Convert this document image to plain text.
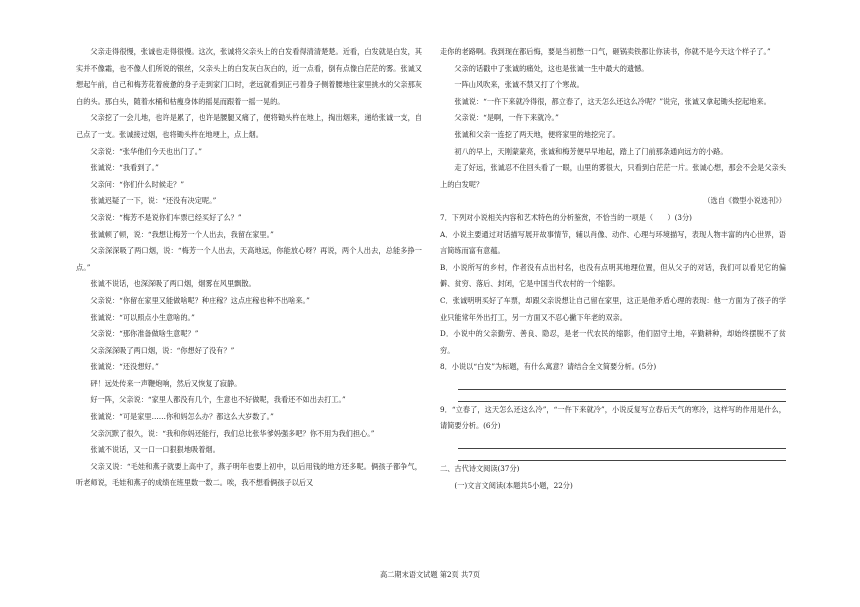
父亲走得很慢，张诚也走得很慢。这次，张诚将父亲头上的白发看得清清楚楚。近看，白发就是白发，其实并不像霜，也不像人们所说的银丝，父亲头上的白发灰白灰白的，近一点看，倒有点像白茫茫的雾。张诚又想起午前，自己和梅芳花着疲惫的身子走到家门口时，老远就看到正弓着身子侧着腰地往家里挑水的父亲那灰白的头。那白头，随着水桶和枯瘦身体的摇晃而跟着一摇一晃的。

父亲挖了一会儿地，也许是累了，也许是腰腿又痛了，便将锄头杵在地上，掏出烟来，递给张诚一支，自己点了一支。张诚接过烟，也将锄头杵在地埂上，点上烟。

父亲说：“张华他们今天也出门了。”

张诚说：“我看到了。”

父亲问：“你们什么时候走？”

张诚迟疑了一下，说：“还没有决定呢。”

父亲说：“梅芳不是说你们车票已经买好了么？”

张诚顿了顿，说：“我想让梅芳一个人出去，我留在家里。”

父亲深深吸了两口烟，说：“梅芳一个人出去，天高地远，你能放心呀？再说，两个人出去，总能多挣一点。”

张诚不说话，也深深吸了两口烟，烟雾在风里飘散。

父亲说：“你留在家里又能做啥呢？种庄稼？这点庄稼也种不出啥来。”

张诚说：“可以照点小生意啥的。”

父亲说：“那你准备做啥生意呢？”

父亲深深吸了两口烟，说：“你想好了没有？”

张诚说：“还没想好。”

砰！远处传来一声鞭炮响，然后又恢复了寂静。

好一阵，父亲说：“家里人都没有几个，生意也不好做呢，我看还不如出去打工。”

张诚说：“可是家里……你和妈怎么办？都这么大岁数了。”

父亲沉默了很久，说：“我和你妈还能行，我们总比张华爹妈强多吧？你不用为我们担心。”

张诚不说话，又一口一口狠狠地吸着烟。

父亲又说：“毛娃和燕子就要上高中了，燕子明年也要上初中，以后用钱的地方还多呢。俩孩子都争气，听老师说，毛娃和燕子的成绩在班里数一数二。唉，我不想看俩孩子以后又

走你的老路啊。我到现在都后悔，要是当初憋一口气，砸锅卖铁都让你读书，你就不是今天这个样子了。”

父亲的话戳中了张诚的痛处，这也是张诚一生中最大的遗憾。

一阵山风吹来，张诚不禁又打了个寒战。

张诚说：“一仵下来就冷得很，都立春了，这天怎么还这么冷呢？”说完，张诚又拿起锄头挖起地来。

父亲说：“是啊，一仵下来就冷。”

张诚和父亲一连挖了两天地，便将家里的地挖完了。

初八的早上，天刚蒙蒙亮，张诚和梅芳便早早地起，踏上了门前那条通向远方的小路。

走了好远，张诚忍不住回头看了一眼，山里的雾很大，只看到白茫茫一片。张诚心想，那会不会是父亲头上的白发呢？

（选自《微型小说选刊》）

7．下列对小说相关内容和艺术特色的分析鉴赏，不恰当的一项是（　　）(3分)

A．小说主要通过对话描写展开故事情节，辅以肖像、动作、心理与环境描写，表现人物丰富的内心世界，语言简练而富有意蕴。

B．小说所写的乡村，作者没有点出村名，也没有点明其地理位置，但从父子的对话，我们可以看见它的偏僻、贫穷、落后、封闭，它是中国当代农村的一个缩影。

C．张诚明明买好了车票，却跟父亲说想让自己留在家里，这正是他矛盾心理的表现：他一方面为了孩子的学业只能常年外出打工，另一方面又不忍心撇下年老的双亲。

D．小说中的父亲勤劳、善良、隐忍，是老一代农民的缩影，他们固守土地，辛勤耕种，却始终摆脱不了贫穷。

8．小说以“白发”为标题，有什么寓意？请结合全文简要分析。(5分)

9．“立春了，这天怎么还这么冷”，“一仵下来就冷”，小说反复写立春后天气的寒冷，这样写的作用是什么，请简要分析。(6分)

二、古代诗文阅读(37分)

(一)文言文阅读(本题共5小题，22分)

高二期末语文试题 第2页 共7页
